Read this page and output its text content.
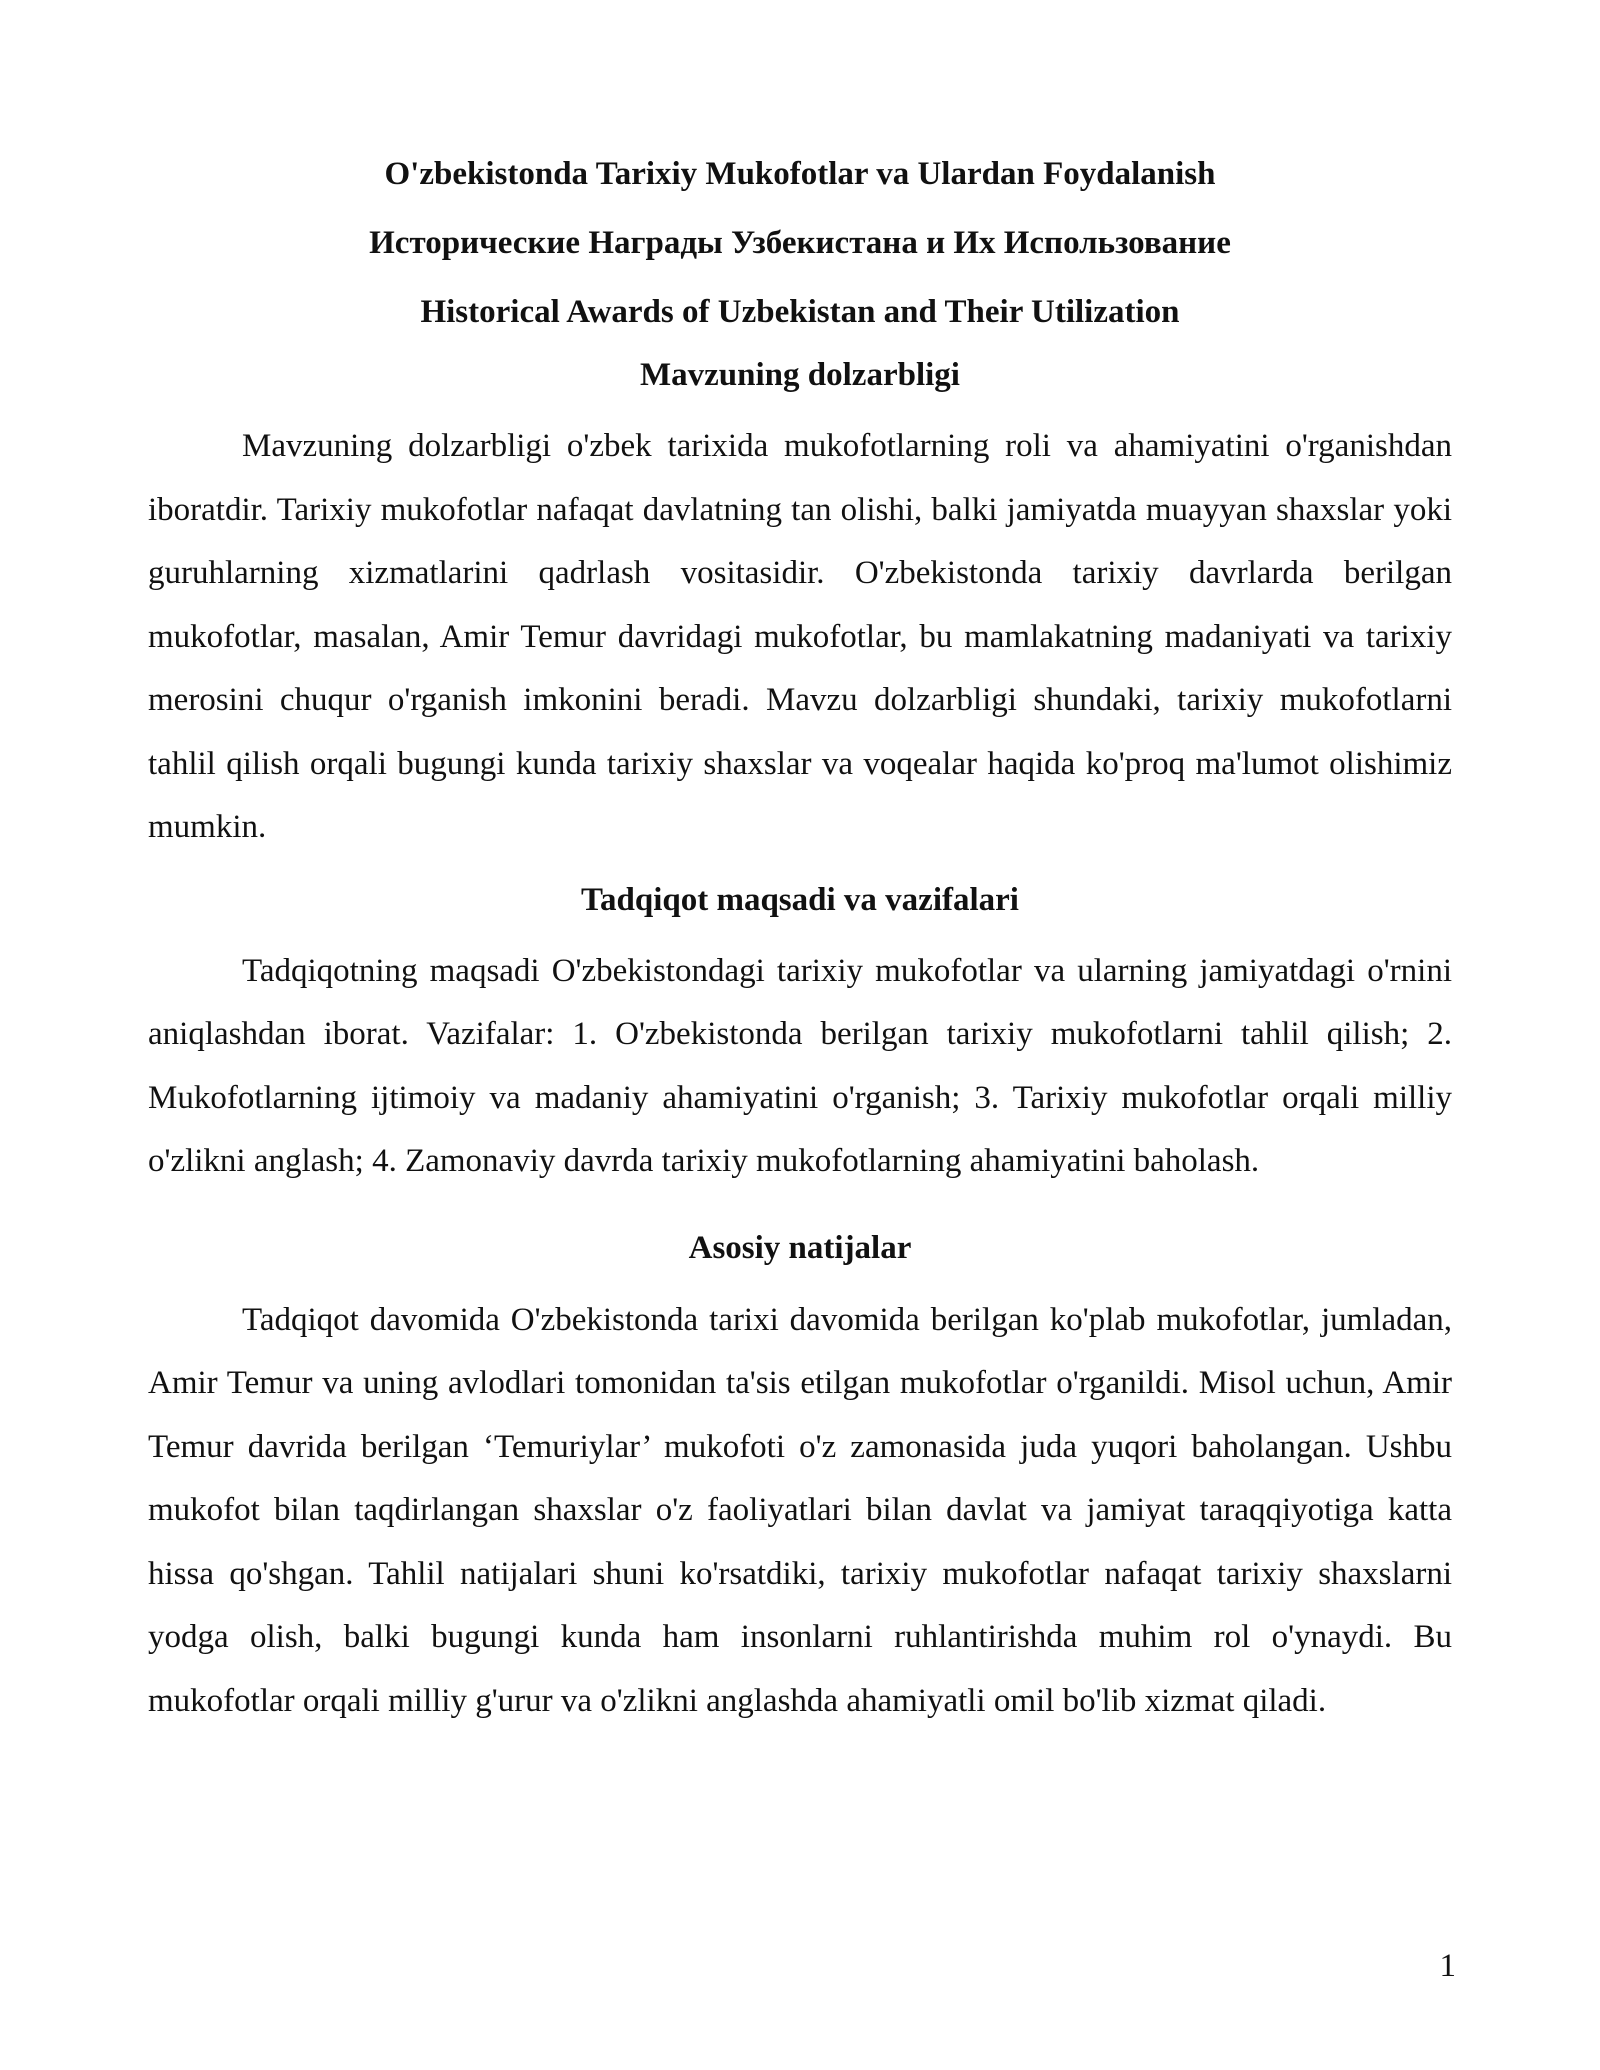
O'zbekistonda Tarixiy Mukofotlar va Ulardan Foydalanish

Исторические Награды Узбекистана и Их Использование

Historical Awards of Uzbekistan and Their Utilization

Mavzuning dolzarbligi

Mavzuning dolzarbligi o'zbek tarixida mukofotlarning roli va ahamiyatini o'rganishdan iboratdir. Tarixiy mukofotlar nafaqat davlatning tan olishi, balki jamiyatda muayyan shaxslar yoki guruhlarning xizmatlarini qadrlash vositasidir. O'zbekistonda tarixiy davrlarda berilgan mukofotlar, masalan, Amir Temur davridagi mukofotlar, bu mamlakatning madaniyati va tarixiy merosini chuqur o'rganish imkonini beradi. Mavzu dolzarbligi shundaki, tarixiy mukofotlarni tahlil qilish orqali bugungi kunda tarixiy shaxslar va voqealar haqida ko'proq ma'lumot olishimiz mumkin.

Tadqiqot maqsadi va vazifalari

Tadqiqotning maqsadi O'zbekistondagi tarixiy mukofotlar va ularning jamiyatdagi o'rnini aniqlashdan iborat. Vazifalar: 1. O'zbekistonda berilgan tarixiy mukofotlarni tahlil qilish; 2. Mukofotlarning ijtimoiy va madaniy ahamiyatini o'rganish; 3. Tarixiy mukofotlar orqali milliy o'zlikni anglash; 4. Zamonaviy davrda tarixiy mukofotlarning ahamiyatini baholash.

Asosiy natijalar

Tadqiqot davomida O'zbekistonda tarixi davomida berilgan ko'plab mukofotlar, jumladan, Amir Temur va uning avlodlari tomonidan ta'sis etilgan mukofotlar o'rganildi. Misol uchun, Amir Temur davrida berilgan ‘Temuriylar’ mukofoti o'z zamonasida juda yuqori baholangan. Ushbu mukofot bilan taqdirlangan shaxslar o'z faoliyatlari bilan davlat va jamiyat taraqqiyotiga katta hissa qo'shgan. Tahlil natijalari shuni ko'rsatdiki, tarixiy mukofotlar nafaqat tarixiy shaxslarni yodga olish, balki bugungi kunda ham insonlarni ruhlantirishda muhim rol o'ynaydi. Bu mukofotlar orqali milliy g'urur va o'zlikni anglashda ahamiyatli omil bo'lib xizmat qiladi.

1
